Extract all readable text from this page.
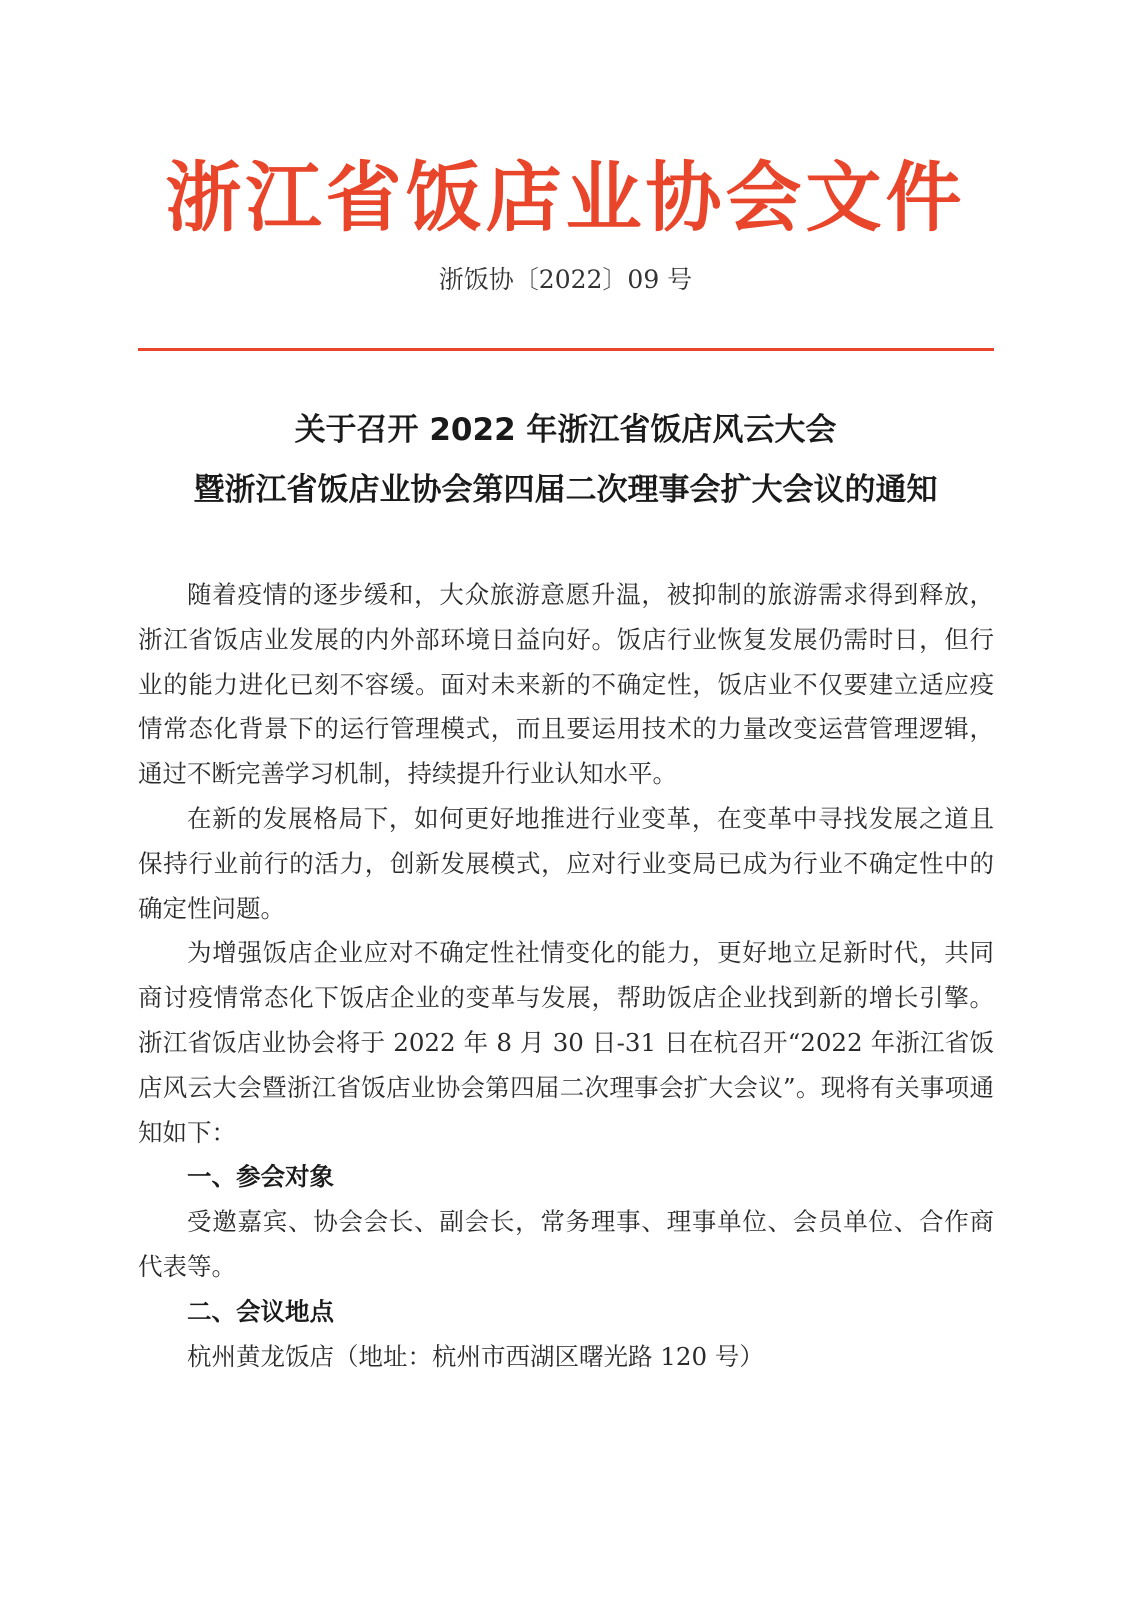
浙江省饭店业协会文件
浙饭协〔2022〕09 号
关于召开 2022 年浙江省饭店风云大会
暨浙江省饭店业协会第四届二次理事会扩大会议的通知

随着疫情的逐步缓和，大众旅游意愿升温，被抑制的旅游需求得到释放，浙江省饭店业发展的内外部环境日益向好。饭店行业恢复发展仍需时日，但行业的能力进化已刻不容缓。面对未来新的不确定性，饭店业不仅要建立适应疫情常态化背景下的运行管理模式，而且要运用技术的力量改变运营管理逻辑，通过不断完善学习机制，持续提升行业认知水平。

在新的发展格局下，如何更好地推进行业变革，在变革中寻找发展之道且保持行业前行的活力，创新发展模式，应对行业变局已成为行业不确定性中的确定性问题。

为增强饭店企业应对不确定性社情变化的能力，更好地立足新时代，共同商讨疫情常态化下饭店企业的变革与发展，帮助饭店企业找到新的增长引擎。浙江省饭店业协会将于 2022 年 8 月 30 日-31 日在杭召开“2022 年浙江省饭店风云大会暨浙江省饭店业协会第四届二次理事会扩大会议”。现将有关事项通知如下：

一、参会对象

受邀嘉宾、协会会长、副会长，常务理事、理事单位、会员单位、合作商代表等。

二、会议地点

杭州黄龙饭店（地址：杭州市西湖区曙光路 120 号）
